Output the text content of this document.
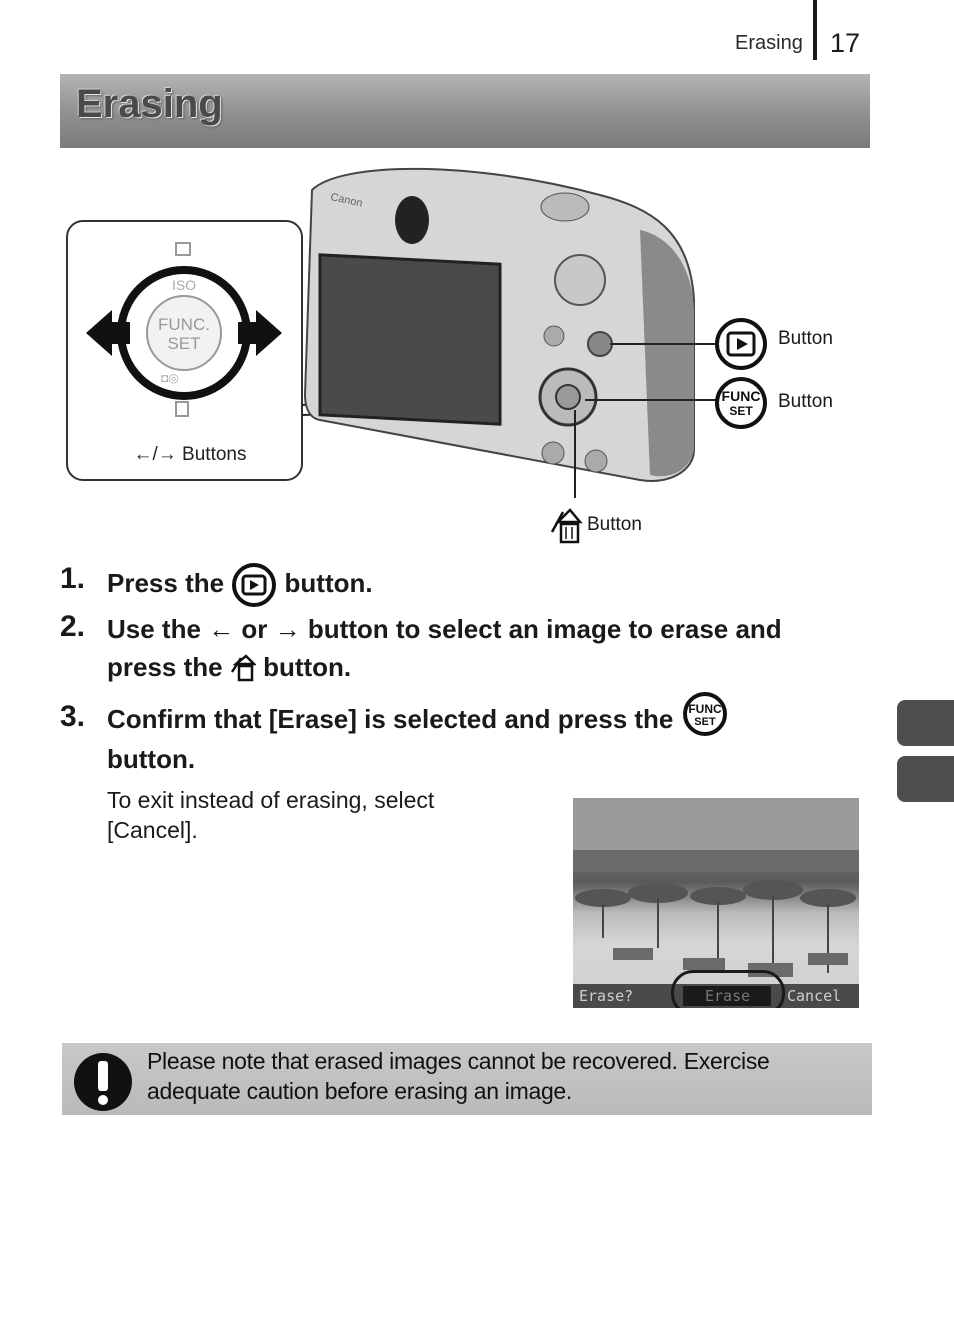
Erasing 17
Erasing
FUNC.
SET
ISO
◘◎
←/→ Buttons
Canon
FUNC
SET
Button
Button
Button
1. Press the button.
2. Use the ← or → button to select an image to erase and
press the button.
3. Confirm that [Erase] is selected and press the FUNC
SET
button.
To exit instead of erasing, select
[Cancel].
Erase?	Erase Cancel
Please note that erased images cannot be recovered. Exercise
adequate caution before erasing an image.
